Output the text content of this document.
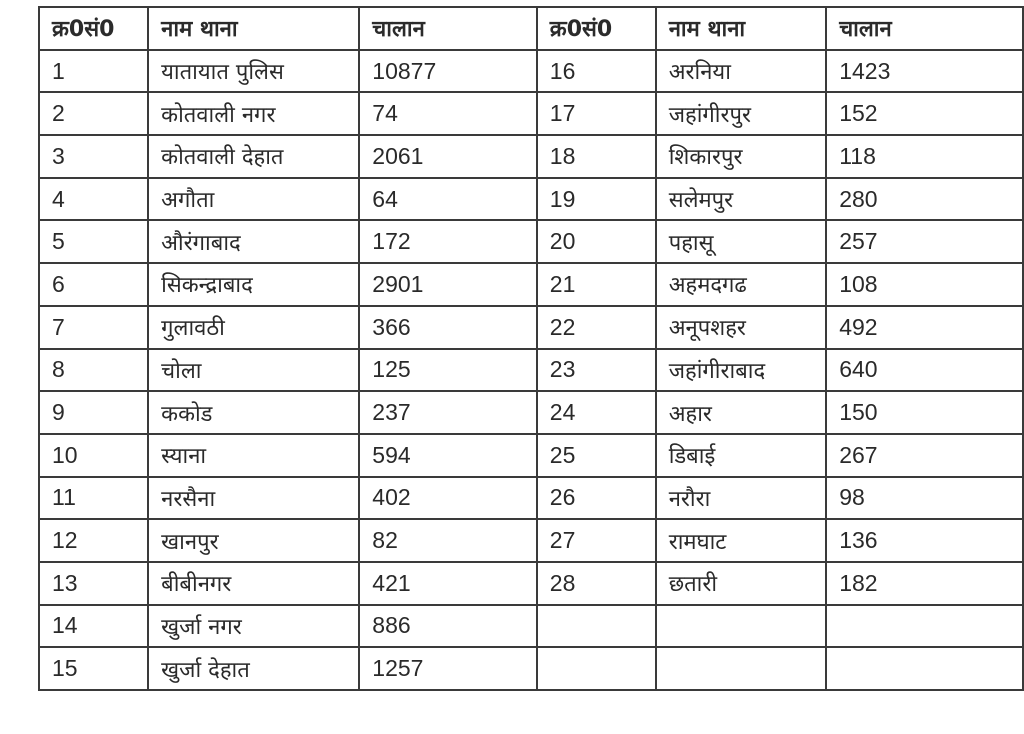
क्र0सं0	नाम थाना	चालान	क्र0सं0	नाम थाना	चालान
1	यातायात पुलिस	10877	16	अरनिया	1423
2	कोतवाली नगर	74	17	जहांगीरपुर	152
3	कोतवाली देहात	2061	18	शिकारपुर	118
4	अगौता	64	19	सलेमपुर	280
5	औरंगाबाद	172	20	पहासू	257
6	सिकन्द्राबाद	2901	21	अहमदगढ	108
7	गुलावठी	366	22	अनूपशहर	492
8	चोला	125	23	जहांगीराबाद	640
9	ककोड	237	24	अहार	150
10	स्याना	594	25	डिबाई	267
11	नरसैना	402	26	नरौरा	98
12	खानपुर	82	27	रामघाट	136
13	बीबीनगर	421	28	छतारी	182
14	खुर्जा नगर	886			
15	खुर्जा देहात	1257			
